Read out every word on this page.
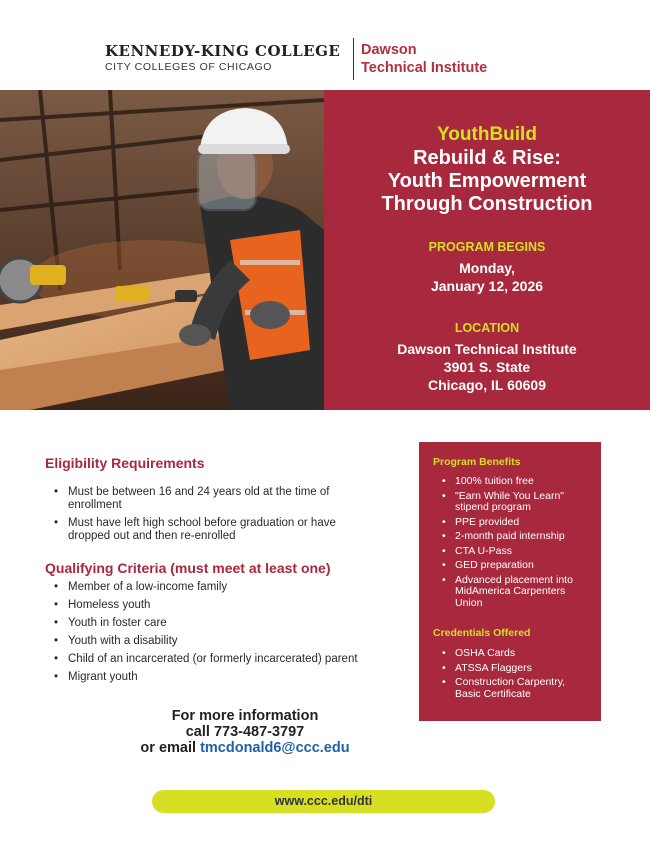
KENNEDY-KING COLLEGE
CITY COLLEGES OF CHICAGO
Dawson
Technical Institute
YouthBuild
Rebuild & Rise:
Youth Empowerment
Through Construction
PROGRAM BEGINS
Monday,
January 12, 2026
LOCATION
Dawson Technical Institute
3901 S. State
Chicago, IL 60609
Eligibility Requirements
• Must be between 16 and 24 years old at the time of
enrollment
• Must have left high school before graduation or have
dropped out and then re-enrolled
Qualifying Criteria (must meet at least one)
• Member of a low-income family
• Homeless youth
• Youth in foster care
• Youth with a disability
• Child of an incarcerated (or formerly incarcerated) parent
• Migrant youth
Program Benefits
• 100% tuition free
• "Earn While You Learn"
stipend program
• PPE provided
• 2-month paid internship
• CTA U-Pass
• GED preparation
• Advanced placement into
MidAmerica Carpenters
Union
Credentials Offered
• OSHA Cards
• ATSSA Flaggers
• Construction Carpentry,
Basic Certificate
For more information
call 773-487-3797
or email tmcdonald6@ccc.edu
www.ccc.edu/dti
